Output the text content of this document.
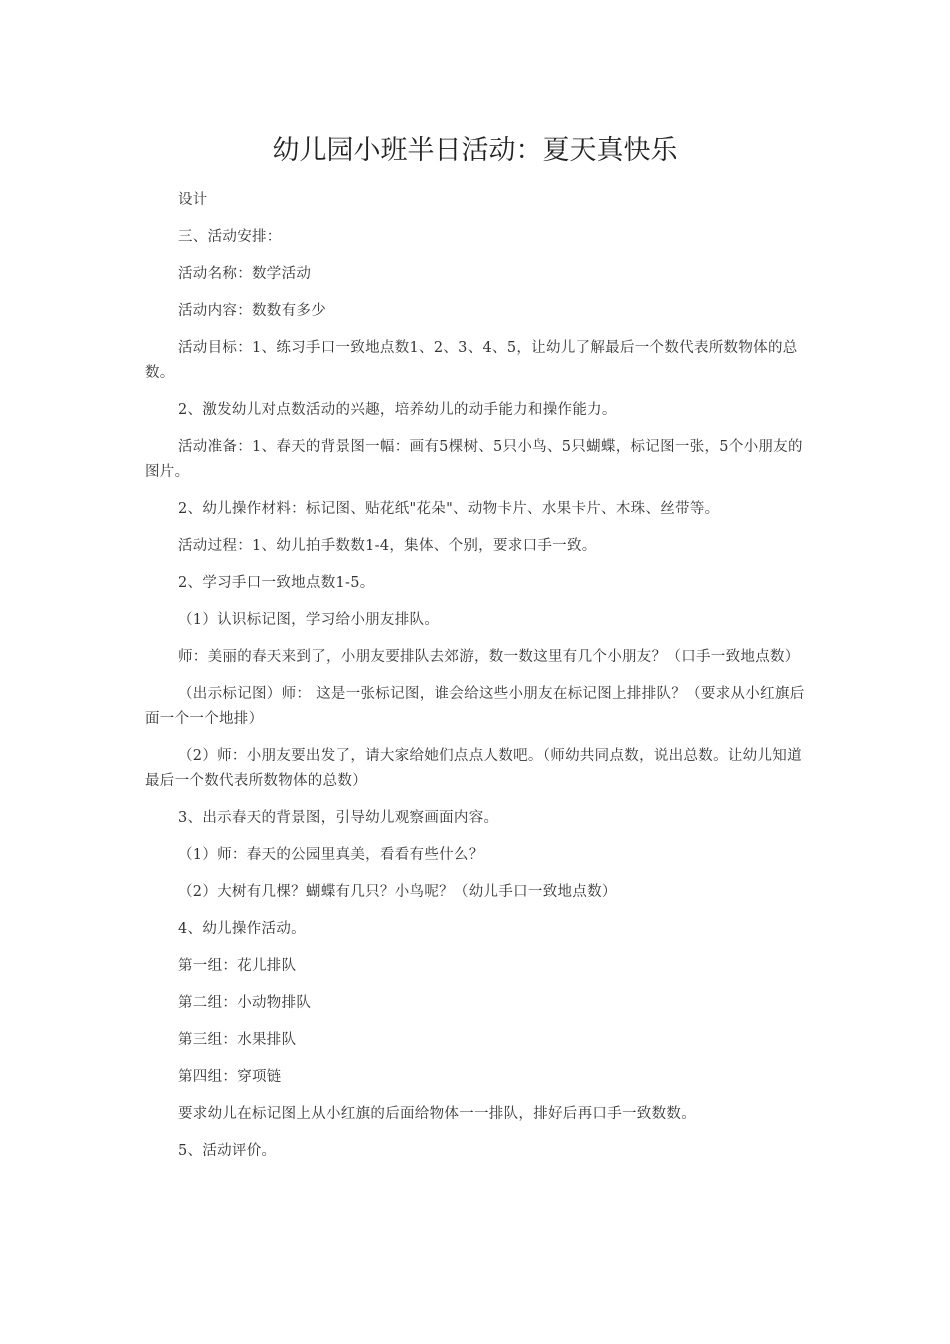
幼儿园小班半日活动：夏天真快乐

设计

三、活动安排：

活动名称：数学活动

活动内容：数数有多少

活动目标：1、练习手口一致地点数1、2、3、4、5，让幼儿了解最后一个数代表所数物体的总数。

2、激发幼儿对点数活动的兴趣，培养幼儿的动手能力和操作能力。

活动准备：1、春天的背景图一幅：画有5棵树、5只小鸟、5只蝴蝶，标记图一张，5个小朋友的图片。

2、幼儿操作材料：标记图、贴花纸"花朵"、动物卡片、水果卡片、木珠、丝带等。

活动过程：1、幼儿拍手数数1-4，集体、个别，要求口手一致。

2、学习手口一致地点数1-5。

（1）认识标记图，学习给小朋友排队。

师：美丽的春天来到了，小朋友要排队去郊游，数一数这里有几个小朋友？（口手一致地点数）

（出示标记图）师： 这是一张标记图，谁会给这些小朋友在标记图上排排队？（要求从小红旗后面一个一个地排）

（2）师：小朋友要出发了，请大家给她们点点人数吧。（师幼共同点数，说出总数。让幼儿知道最后一个数代表所数物体的总数）

3、出示春天的背景图，引导幼儿观察画面内容。

（1）师：春天的公园里真美，看看有些什么？

（2）大树有几棵？蝴蝶有几只？小鸟呢？（幼儿手口一致地点数）

4、幼儿操作活动。

第一组：花儿排队

第二组：小动物排队

第三组：水果排队

第四组：穿项链

要求幼儿在标记图上从小红旗的后面给物体一一排队，排好后再口手一致数数。

5、活动评价。
